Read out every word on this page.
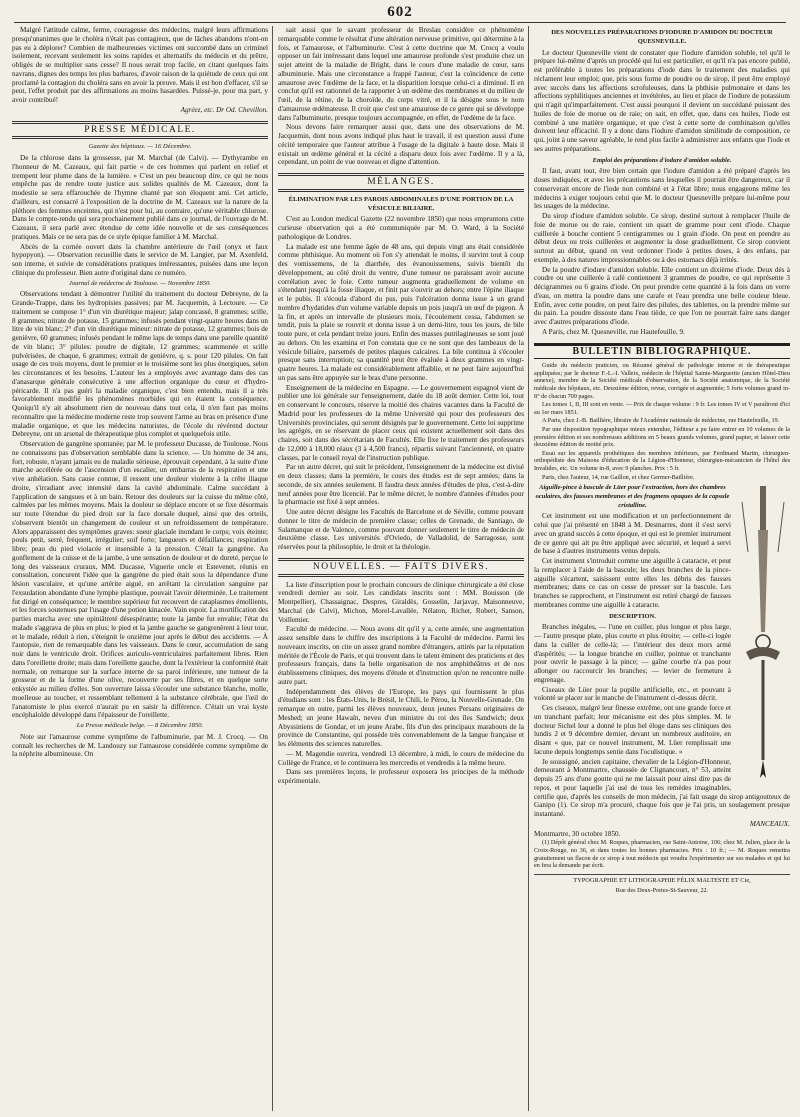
602

Malgré l'attitude calme, ferme, courageuse des médecins, malgré leurs affirmations presqu'unanimes que le choléra n'était pas contagieux, que de lâches abandons n'ont-on pas eu à déplorer? Combien de malheureuses victimes ont succombé dans un criminel isolement, recevant seulement les soins rapides et alternatifs du médecin et du prêtre, obligés de se multiplier sans cesse? Il nous serait trop facile, en citant quelques faits navrans, dignes des temps les plus barbares, d'avoir raison de la quiétude de ceux qui ont proclamé la contagion du choléra sans en avoir la preuve. Mais il est bon d'effacer, s'il se peut, l'effet produit par des affirmations au moins hasardées. Puissé-je, pour ma part, y avoir contribué!

Agréez, etc. Dr Od. Chevillon.

PRESSE MÉDICALE.

Gazette des hôpitaux. — 16 Décembre.

De la chlorose dans la grossesse, par M. Marchal (de Calvi). — Dythyrambe en l'honneur de M. Cazeaux, qui fait partie « de ces hommes qui parlent en relief et trempent leur plume dans de la lumière. » C'est un peu beaucoup dire, ce qui ne nous empêche pas de rendre toute justice aux solides qualités de M. Cazeaux, dont la modestie se sera effarouchée de l'hymne chanté par son éloquent ami. Cet article, d'ailleurs, est consacré à l'exposition de la doctrine de M. Cazeaux sur la nature de la pléthore des femmes enceintes, qui n'est pour lui, au contraire, qu'une véritable chlorose. Dans le compte-rendu qui sera prochainement publié dans ce journal, de l'ouvrage de M. Cazeaux, il sera parlé avec étendue de cette idée nouvelle et de ses conséquences pratiques. Mais ce ne sera pas de ce style épique familier à M. Marchal.

Abcès de la cornée ouvert dans la chambre antérieure de l'œil (onyx et faux hypopyon). — Observation recueillie dans le service de M. Langier, par M. Axenfeld, son interne, et suivie de considérations pratiques intéressantes, puisées dans une leçon clinique du professeur. Bien autre d'original dans ce numéro.

Journal de médecine de Toulouse. — Novembre 1850.

Observations tendant à démontrer l'utilité du traitement du docteur Debreyne, de la Grande-Trappe, dans les hydropisies passives; par M. Jacquemin, à Lectoure. — Ce traitement se compose 1° d'un vin diurétique majeur; jalap concassé, 8 grammes; scille, 8 grammes; nitrate de potasse, 15 grammes; infusés pendant vingt-quatre heures dans un litre de vin blanc; 2° d'un vin diurétique mineur: nitrate de potasse, 12 grammes; bois de genièvre, 60 grammes; infusés pendant le même laps de temps dans une pareille quantité de vin blanc; 3° pilules: poudre de digitale, 12 grammes; scammonée et scille pulvérisées, de chaque, 6 grammes; extrait de genièvre, q. s. pour 120 pilules. On fait usage de ces trois moyens, dont le premier et le troisième sont les plus énergiques, selon les circonstances et les besoins. L'auteur les a employés avec avantage dans des cas d'anasarque générale consécutive à une affection organique du cœur et d'hydro-péricarde. Il n'a pas guéri la maladie organique, c'est bien entendu, mais il a très favorablement modifié les phénomènes morbides qui en étaient la conséquence. Quoiqu'il n'y ait absolument rien de nouveau dans tout cela, il n'en faut pas moins reconnaître que la médecine moderne reste trop souvent l'arme au bras en présence d'une maladie organique, et que les médecins naturistes, de l'école du révérend docteur Debreyne, ont un arsenal de thérapeutique plus complet et quelquefois utile.

Observation de gangrène spontanée; par M. le professeur Ducasse, de Toulouse. Nous ne connaissons pas d'observation semblable dans la science. — Un homme de 34 ans, fort, robuste, n'ayant jamais eu de maladie sérieuse, éprouvait cependant, à la suite d'une marche accélérée ou de l'ascension d'un escalier, un embarras de la respiration et une vive anhélation. Sans cause connue, il ressent une douleur violente à la crête iliaque droite, s'irradiant avec intensité dans la cavité abdominale. Calme succédant à l'application de sangsues et à un bain. Retour des douleurs sur la cuisse du même côté, calmées par les mêmes moyens. Mais la douleur se déplace encore et se fixe désormais sur toute l'étendue du pied droit sur la face dorsale duquel, ainsi que des orteils, s'observent bientôt un changement de couleur et un refroidissement de température. Alors apparaissent des symptômes graves: sueur glaciale inondant le corps; voix éteinte; pouls petit, serré, fréquent, irrégulier; soif forte; langueurs et défaillances; respiration libre; peau du pied violacée et insensible à la pression. C'était la gangrène. Au gonflement de la cuisse et de la jambe, à une sensation de douleur et de dureté, perçue le long des vaisseaux cruraux, MM. Ducasse, Viguerie oncle et Estevenet, réunis en consultation, concurent l'idée que la gangrène du pied était sous la dépendance d'une lésion vasculaire, et qu'une artérite aiguë, en arrêtant la circulation sanguine par l'exsudation abondante d'une lymphe plastique, pouvait l'avoir déterminée. Le traitement fut dirigé en conséquence; le membre supérieur fut recouvert de cataplasmes émollients, et les forces soutenues par l'usage d'une potion kinacée. Vain espoir. La mortification des parties marcha avec une opiniâtreté désespérante; toute la jambe fut envahie; l'état du malade s'aggrava de plus en plus; le pied et la jambe gauche se gangrenèrent à leur tour, et le malade, réduit à rien, s'éteignit le onzième jour après le début des accidents. — À l'autopsie, rien de remarquable dans les vaisseaux. Dans le cœur, accumulation de sang noir dans le ventricule droit. Orifices auriculo-ventriculaires parfaitement libres. Rien dans l'oreillette droite; mais dans l'oreillette gauche, dont la l'extérieur la conformité était normale, on remarque sur la surface interne de sa paroi inférieure, une tumeur de la grosseur et de la forme d'une olive, recouverte par ses fibres, et en quelque sorte enkystée au milieu d'elles. Son ouverture laissa s'écouler une substance blanche, molle, moelleuse au toucher, et ressemblant tellement à la substance cérébrale, que l'œil de l'anatomiste le plus exercé n'aurait pu en saisir la différence. C'était un vrai kyste encéphaloïde développé dans l'épaisseur de l'oreillette.

La Presse médicale belge. — 8 Décembre 1850.

Note sur l'amaurose comme symptôme de l'albuminurie, par M. J. Crocq. — On connaît les recherches de M. Landouzy sur l'amaurose considérée comme symptôme de la néphrite albumineuse. On

sait aussi que le savant professeur de Breslau considère ce phénomène remarquable comme le résultat d'une altération nerveuse primitive, qui détermine à la fois, et l'amaurose, et l'albuminurie. C'est à cette doctrine que M. Crocq a voulu opposer un fait intéressant dans lequel une amaurose profonde s'est produite chez un sujet atteint de la maladie de Bright, dans le cours d'une maladie de cœur, sans albuminurie. Mais une circonstance a frappé l'auteur, c'est la coïncidence de cette amaurose avec l'œdème de la face, et la disparition lorsque celui-ci a diminué. Il en conclut qu'il est rationnel de la rapporter à un œdème des membranes et du milieu de l'œil, de la rétine, de la choroïde, du corps vitré, et il la désigne sous le nom d'amaurose œdémateuse. Il croit que c'est une amaurose de ce genre qui se développe dans l'albuminurie, presque toujours accompagnée, en effet, de l'œdème de la face.

Nous devons faire remarquer aussi que, dans une des observations de M. Jacquemin, dont nous avons indiqué plus haut le travail, il est question aussi d'une cécité temporaire que l'auteur attribue à l'usage de la digitale à haute dose. Mais il existait un œdème général et la cécité a disparu deux fois avec l'œdème. Il y a là, cependant, un point de vue nouveau et digne d'attention.

MÉLANGES.

ÉLIMINATION PAR LES PAROIS ABDOMINALES D'UNE PORTION DE LA VÉSICULE BILIAIRE.

C'est au London medical Gazette (22 novembre 1850) que nous empruntons cette curieuse observation qui a été communiquée par M. O. Ward, à la Société pathologique de Londres.

La malade est une femme âgée de 48 ans, qui depuis vingt ans était considérée comme phthisique. Au moment où l'on s'y attendait le moins, il survint tout à coup des vomissemens, de la diarrhée, des évanouissemens, suivis bientôt du développement, au côté droit du ventre, d'une tumeur ne paraissant avoir aucune corrélation avec le foie. Cette tumeur augmenta graduellement de volume en s'étendant jusqu'à la fosse iliaque, et finit par s'ouvrir au dehors; entre l'épine iliaque et le pubis. Il s'écoula d'abord du pus, puis l'ulcération donna issue à un grand nombre d'hydatides d'un volume variable depuis un pois jusqu'à un œuf de pigeon. À la fin, et après un intervalle de plusieurs mois, l'écoulement cessa, l'abdomen se tendit, puis la plaie se rouvrit et donna issue à un demi-litre, tous les jours, de bile toute pure, et cela pendant treize jours. Enfin des masses putrilagineuses se sont joué au dehors. On les examina et l'on constata que ce ne sont que des lambeaux de la vésicule biliaire, parsemés de petites plaques calcaires. La bile continua à s'écouler presque sans interruption; sa quantité peut être évaluée à deux grammes en vingt-quatre heures. La malade est considérablement affaiblie, et ne peut faire aujourd'hui un pas sans être appuyée sur le bras d'une personne.

Enseignement de la médecine en Espagne. — Le gouvernement espagnol vient de publier une loi générale sur l'enseignement, datée du 18 août dernier. Cette loi, tout en conservant le concours, réserve la moitié des chaires vacantes dans la Faculté de Madrid pour les professeurs de la même Université qui pour des professeurs des Universités provinciales, qui seront désignés par le gouvernement. Cette loi supprime les agrégés, en se réservant de placer ceux qui existent actuellement soit dans des chaires, soit dans des sécrétariats de Facultés. Elle fixe le traitement des professeurs de 12,000 à 18,000 réaux (3 à 4,500 francs), répartis suivant l'ancienneté, en quatre classes, par le conseil royal de l'instruction publique.

Par un autre décret, qui suit le précédent, l'enseignement de la médecine est divisé en deux classes; dans la première, le cours des études est de sept années; dans la seconde, de six années seulement. Il faudra deux années d'études de plus, c'est-à-dire neuf années pour être licencié. Par le même décret, le nombre d'années d'études pour la pharmacie est fixé à sept années.

Une autre décret désigne les Facultés de Barcelone et de Séville, comme pouvant donner le titre de médecin de première classe; celles de Grenade, de Santiago, de Salamanque et de Valence, comme pouvant donner seulement le titre de médecin de deuxième classe. Les universités d'Oviedo, de Valladolid, de Sarragosse, sont réservées pour la philosophie, le droit et la théologie.

NOUVELLES. — FAITS DIVERS.

La liste d'inscription pour le prochain concours de clinique chirurgicale a été close vendredi dernier au soir. Les candidats inscrits sont : MM. Bouisson (de Montpellier), Chassaignac, Despres, Giraldès, Gosselin, Jarjavay, Maisonneuve, Marchal (de Calvi), Michon, Morel-Lavallée, Nélaton, Richet, Robert, Sanson, Voillemier.

Faculté de médecine. — Nous avons dit qu'il y a, cette année, une augmentation assez sensible dans le chiffre des inscriptions à la Faculté de médecine. Parmi les nouveaux inscrits, on cite un assez grand nombre d'étrangers, attirés par la réputation méritée de l'École de Paris, et qui trouvent dans le talent éminent des praticiens et des professeurs français, dans la belle organisation de nos amphithéâtres et de nos établissemens cliniques, des moyens d'étude et d'instruction qu'on ne rencontre nulle autre part.

Indépendamment des élèves de l'Europe, les pays qui fournissent le plus d'étudians sont : les États-Unis, le Brésil, le Chili, le Pérou, la Nouvelle-Grenade. On remarque en outre, parmi les élèves nouveaux, deux jeunes Persans originaires de Meshed; un jeune Hawaïn, neveu d'un ministre du roi des îles Sandwich; deux Abyssiniens de Gondar, et un jeune Arabe, fils d'un des principaux marabouts de la province de Constantine, qui possède très convenablement de la langue française et les éléments des sciences naturelles.

— M. Magendie ouvrira, vendredi 13 décembre, à midi, le cours de médecine du Collège de France, et le continuera les mercredis et vendredis à la même heure.

Dans ses premières leçons, le professeur exposera les principes de la méthode expérimentale.

DES NOUVELLES PRÉPARATIONS D'IODURE D'AMIDON DU DOCTEUR QUESNEVILLE.

Le docteur Quesneville vient de constater que l'iodure d'amidon soluble, tel qu'il le prépare lui-même d'après un procédé qui lui est particulier, et qu'il n'a pas encore publié, est préférable à toutes les préparations d'iode dans le traitement des maladies qui réclament leur emploi; que, pris sous forme de poudre ou de sirop, il peut être employé avec succès dans les affections scrofuleuses, dans la phthisie pulmonaire et dans les affections syphilitiques anciennes et invétérées, au lieu et place de l'iodure de potassium qui n'agit qu'imparfaitement. C'est aussi pourquoi il devient un succédané puissant des huiles de foie de morue ou de raie; on sait, en effet, que, dans ces huiles, l'iode est combiné à une matière organique, et que c'est à cette sorte de combinaison qu'elles doivent leur efficacité. Il y a donc dans l'iodure d'amidon similitude de composition, ce qui, joint à une saveur agréable, le rend plus facile à administrer aux enfants que l'iode et ses autres préparations.

Emploi des préparations d'iodure d'amidon soluble.

Il faut, avant tout, être bien certain que l'iodure d'amidon a été préparé d'après les doses indiquées, et avec les précautions sans lesquelles il pourrait être dangereux, car il conserverait encore de l'iode non combiné et à l'état libre; nous engageons même les médecins à exiger toujours celui que M. le docteur Quesneville prépare lui-même pour les usages de la médecine.

Du sirop d'iodure d'amidon soluble. Ce sirop, destiné surtout à remplacer l'huile de foie de morue ou de raie, contient un quart de gramme pour cent d'iode. Chaque cuillerée à bouche contient 5 centigrammes ou 1 grain d'iode. On peut en prendre au début deux ou trois cuillerées et augmenter la dose graduellement. Ce sirop convient surtout au début, quand on veut ordonner l'iode à petites doses, à des enfans, par exemple, à des natures impressionnables ou à des estomacs déjà irrités.

De la poudre d'iodure d'amidon soluble. Elle contient un dixième d'iode. Deux dés à coudre ou une cuillerée à café contiennent 3 grammes de poudre, ce qui représente 3 décigrammes ou 6 grains d'iode. On peut prendre cette quantité à la fois dans un verre d'eau, on mettra la poudre dans une carafe et l'eau prendra une belle couleur bleue. Enfin, avec cette poudre, on peut faire des pilules, des tablettes, ou la prendre même sur du pain. La poudre dissoute dans l'eau tiède, ce que l'on ne pourrait faire sans danger avec d'autres préparations d'iode.

A Paris, chez M. Quesneville, rue Hautefeuille, 9.

BULLETIN BIBLIOGRAPHIQUE.

Guide du médecin praticien, ou Résumé général de pathologie interne et de thérapeutique appliquées; par le docteur F.-L.-I. Valleix, médecin de l'hôpital Sainte-Marguerite (ancien Hôtel-Dieu annexe), membre de la Société médicale d'observation, de la Société anatomique, de la Société médicale des hôpitaux, etc. Deuxième édition, revue, corrigée et augmentée; 5 forts volumes grand in-8° de chacun 700 pages.

Les tomes 1, II, III sont en vente. — Prix de chaque volume : 9 fr. Les tomes IV et V paraîtront d'ici au 1er mars 1851.

A Paris, chez J.-B. Baillière, libraire de l'Académie nationale de médecine, rue Hautefeuille, 19.

Par une disposition typographique mieux entendue, l'éditeur a pu faire entrer en 10 volumes de la première édition et ses nombreuses additions en 5 beaux grands volumes, grand papier, et laisser cette deuxième édition de moitié prix.

Essai sur les appareils prothétiques des membres inférieurs, par Ferdinand Martin, chirurgien-orthopédiste des Maisons d'éducation de la Légion-d'Honneur, chirurgien-mécanicien de l'hôtel des Invalides, etc. Un volume in-8, avec 9 planches. Prix : 5 fr.

Paris, chez l'auteur, 14, rue Gaillon, et chez Germer-Baillière.

Aiguille-pince à bascule de Lüer pour l'extraction, hors des chambres oculaires, des fausses membranes et des fragmens opaques de la capsule cristalline.

Cet instrument est une modification et un perfectionnement de celui que j'ai présenté en 1848 à M. Desmarres, dont il s'est servi avec un grand succès à cette époque, et qui est le premier instrument de ce genre qui ait pu être appliqué avec sécurité, et lequel a servi de base à d'autres instruments venus depuis.

Cet instrument s'introduit comme une aiguille à cataracte, et peut la remplacer à l'aide de la bascule; les deux branches de la pince-aiguille s'écartent, saisissent entre elles les débris des fausses membranes; dans ce cas on cesse de presser sur la bascule. Les branches se rapprochent, et l'instrument est retiré chargé de fausses membranes comme une aiguille à cataracte.

DESCRIPTION.

Branches inégales, — l'une en cuiller, plus longue et plus large, — l'autre presque plate, plus courte et plus étroite; — celle-ci logée dans la cuiller de celle-là; — l'intérieur des deux mors armé d'aspérités; — la longue branche en cuiller, pointue et tranchante pour ouvrir le passage à la pince; — gaîne courbe n'a pas pour allonger ou raccourcir les branches; — levier de fermeture à engrenage.

Ciseaux de Lüer pour la pupille artificielle, etc., et pouvant à volonté se placer sur le manche de l'instrument ci-dessus décrit.

Ces ciseaux, malgré leur finesse extrême, ont une grande force et un tranchant parfait; leur mécanisme est des plus simples. M. le docteur Sichel leur a donné le plus bel éloge dans ses cliniques des lundis 2 et 9 décembre dernier, devant un nombreux auditoire, en disant « que, par ce nouvel instrument, M. Lüer remplissait une lacune depuis longtemps sentie dans l'oculistique. »

Je soussigné, ancien capitaine, chevalier de la Légion-d'Honneur, demeurant à Montmartre, chaussée de Clignancourt, n° 53, atteint depuis 25 ans d'une goutte qui ne me laissait pour ainsi dire pas de repos, et pour laquelle j'ai usé de tous les remèdes imaginables, certifie que, d'après les conseils de mon médecin, j'ai fait usage du sirop antigoutteux de Ganipo (1). Ce sirop m'a procuré, chaque fois que je l'ai pris, un soulagement presque instantané.

MANCEAUX.

Montmartre, 30 octobre 1850.

(1) Dépôt général chez M. Roques, pharmacien, rue Saint-Antoine, 106; chez M. Julien, place de la Croix-Rouge, no 36, et dans toutes les bonnes pharmacies. Prix : 10 fr.; — M. Roques remettra gratuitement un flacon de ce sirop à tout médecin qui voudra l'expérimenter sur ses malades et qui lui en fera la demande par écrit.

TYPOGRAPHIE ET LITHOGRAPHIE FÉLIX MALTESTE ET Cie,

Rue des Deux-Portes-St-Sauveur, 22.
